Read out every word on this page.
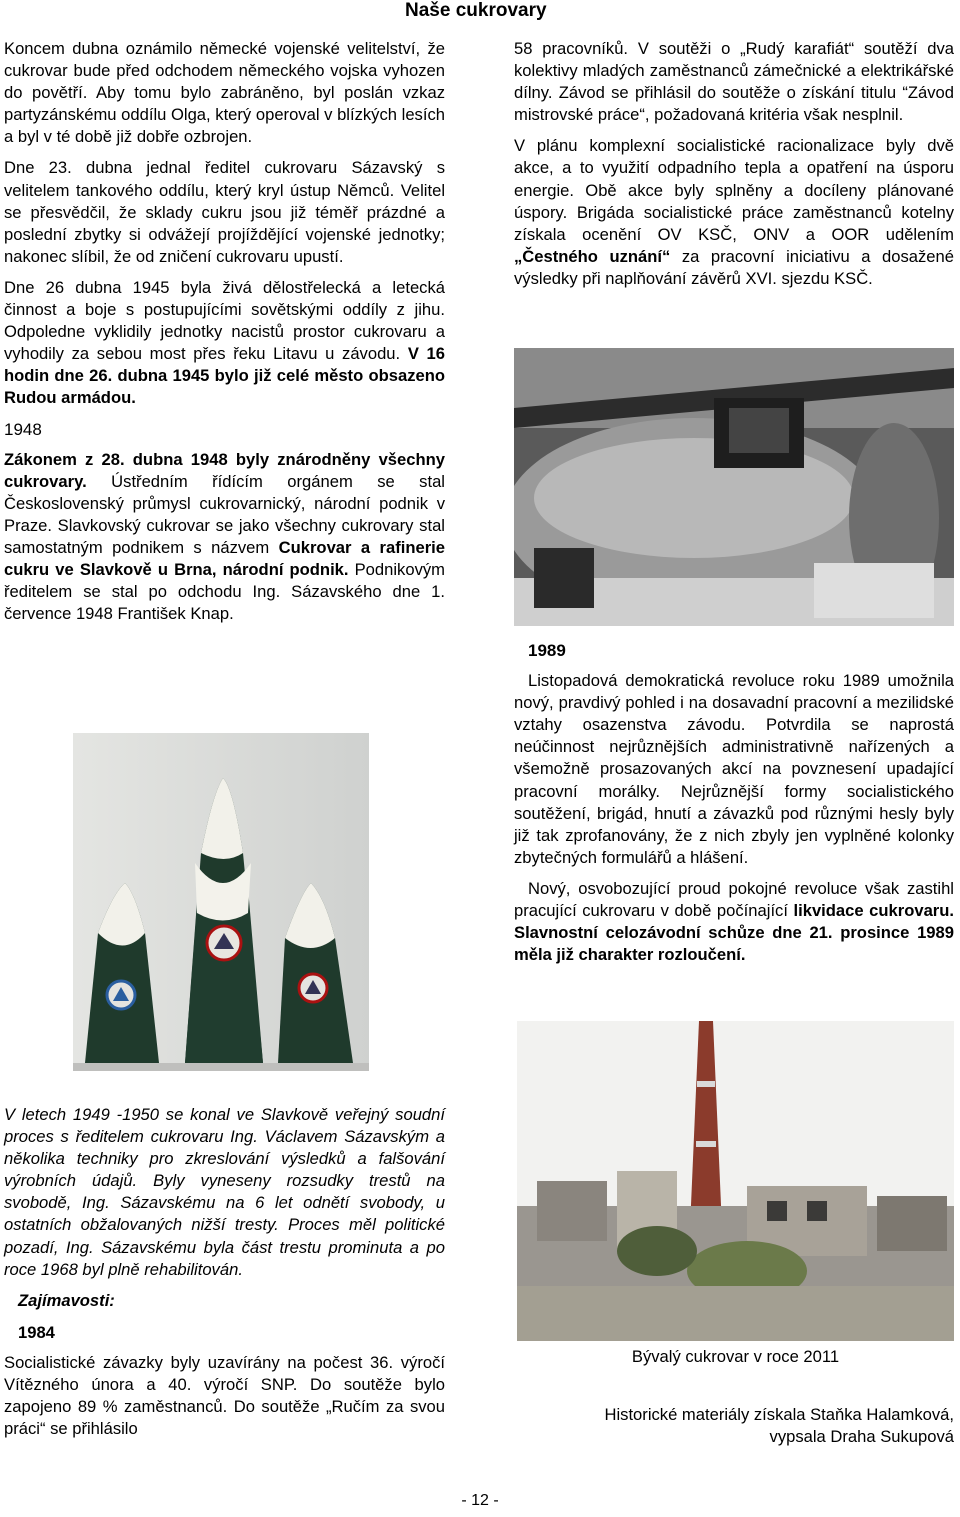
Naše cukrovary

Koncem dubna oznámilo německé vojenské velitelství, že cukrovar bude před odchodem německého vojska vyhozen do povětří. Aby tomu bylo zabráněno, byl poslán vzkaz partyzánskému oddílu Olga, který operoval v blízkých lesích a byl v té době již dobře ozbrojen.

Dne 23. dubna jednal ředitel cukrovaru Sázavský s velitelem tankového oddílu, který kryl ústup Němců. Velitel se přesvědčil, že sklady cukru jsou již téměř prázdné a poslední zbytky si odvážejí projíždějící vojenské jednotky; nakonec slíbil, že od zničení cukrovaru upustí.

Dne 26 dubna 1945 byla živá dělostřelecká a letecká činnost a boje s postupujícími sovětskými oddíly z jihu. Odpoledne vyklidily jednotky nacistů prostor cukrovaru a vyhodily za sebou most přes řeku Litavu u závodu. V 16 hodin dne 26. dubna 1945 bylo již celé město obsazeno Rudou armádou.

1948

Zákonem z 28. dubna 1948 byly znárodněny všechny cukrovary. Ústředním řídícím orgánem se stal Československý průmysl cukrovarnický, národní podnik v Praze. Slavkovský cukrovar se jako všechny cukrovary stal samostatným podnikem s názvem Cukrovar a rafinerie cukru ve Slavkově u Brna, národní podnik. Podnikovým ředitelem se stal po odchodu Ing. Sázavského dne 1. července 1948 František Knap.

V letech 1949 -1950 se konal ve Slavkově veřejný soudní proces s ředitelem cukrovaru Ing. Václavem Sázavským a několika techniky pro zkreslování výsledků a falšování výrobních údajů. Byly vyneseny rozsudky trestů na svobodě, Ing. Sázavskému na 6 let odnětí svobody, u ostatních obžalovaných nižší tresty. Proces měl politické pozadí, Ing. Sázavskému byla část trestu prominuta a po roce 1968 byl plně rehabilitován.

Zajímavosti:
1984

Socialistické závazky byly uzavírány na počest 36. výročí Vítězného února a 40. výročí SNP. Do soutěže bylo zapojeno 89 % zaměstnanců. Do soutěže „Ručím za svou práci“ se přihlásilo

58 pracovníků. V soutěži o „Rudý karafiát“ soutěží dva kolektivy mladých zaměstnanců zámečnické a elektrikářské dílny. Závod se přihlásil do soutěže o získání titulu “Závod mistrovské práce“, požadovaná kritéria však nesplnil.

V plánu komplexní socialistické racionalizace byly dvě akce, a to využití odpadního tepla a opatření na úsporu energie. Obě akce byly splněny a docíleny plánované úspory. Brigáda socialistické práce zaměstnanců kotelny získala ocenění OV KSČ, ONV a OOR udělením „Čestného uznání“ za pracovní iniciativu a dosažené výsledky při naplňování závěrů XVI. sjezdu KSČ.

1989

Listopadová demokratická revoluce roku 1989 umožnila nový, pravdivý pohled i na dosavadní pracovní a mezilidské vztahy osazenstva závodu. Potvrdila se naprostá neúčinnost nejrůznějších administrativně nařízených a všemožně prosazovaných akcí na povznesení upadající pracovní morálky. Nejrůznější formy socialistického soutěžení, brigád, hnutí a závazků pod různými hesly byly již tak zprofanovány, že z nich zbyly jen vyplněné kolonky zbytečných formulářů a hlášení.

Nový, osvobozující proud pokojné revoluce však zastihl pracující cukrovaru v době počínající likvidace cukrovaru. Slavnostní celozávodní schůze dne 21. prosince 1989 měla již charakter rozloučení.

Bývalý cukrovar v roce 2011
Historické materiály získala Staňka Halamková,
vypsala Draha Sukupová
- 12 -
